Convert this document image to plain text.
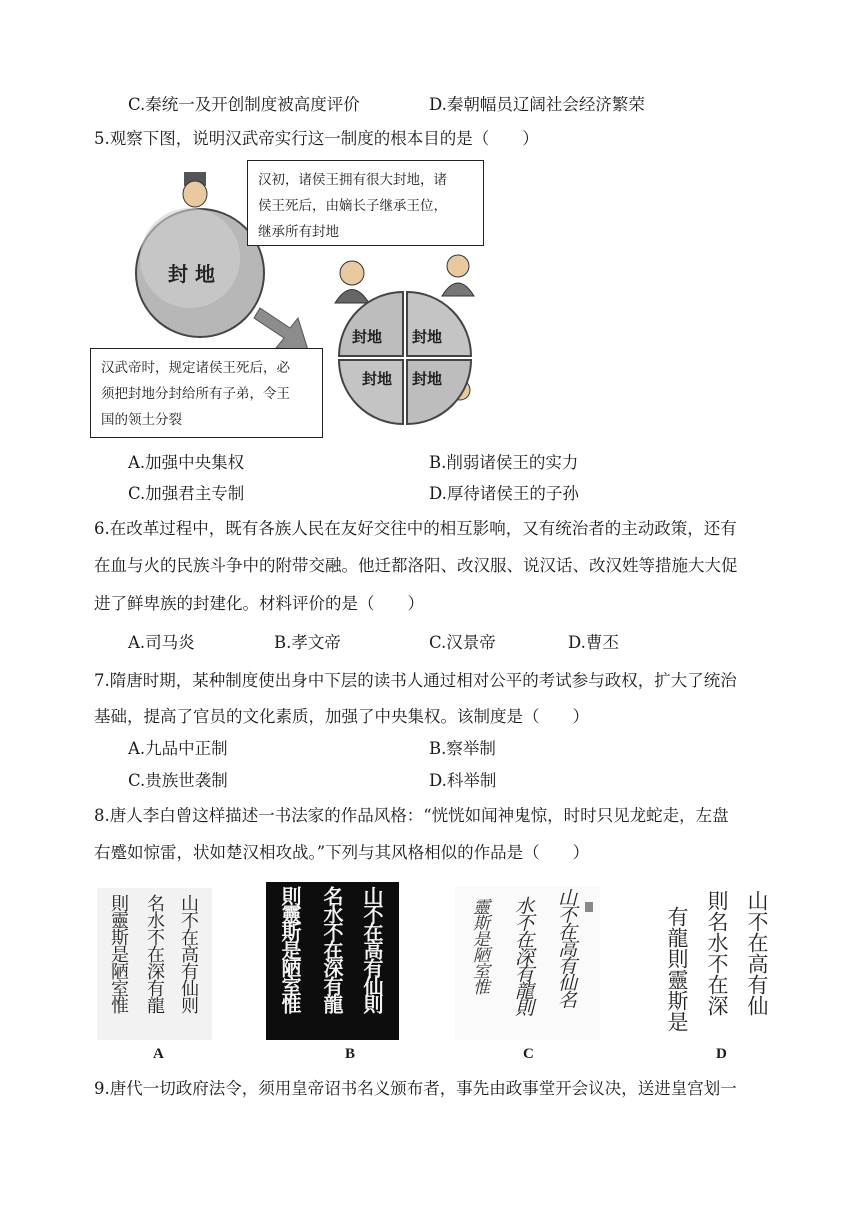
C.秦统一及开创制度被高度评价	D.秦朝幅员辽阔社会经济繁荣
5.观察下图，说明汉武帝实行这一制度的根本目的是（　　）
封 地
封地 封地
封地 封地
汉初，诸侯王拥有很大封地，诸
侯王死后，由嫡长子继承王位，
继承所有封地
汉武帝时，规定诸侯王死后，必
须把封地分封给所有子弟，令王
国的领土分裂
A.加强中央集权	B.削弱诸侯王的实力
C.加强君主专制	D.厚待诸侯王的子孙
6.在改革过程中，既有各族人民在友好交往中的相互影响，又有统治者的主动政策，还有
在血与火的民族斗争中的附带交融。他迁都洛阳、改汉服、说汉话、改汉姓等措施大大促
进了鲜卑族的封建化。材料评价的是（　　）
A.司马炎	B.孝文帝	C.汉景帝	D.曹丕
7.隋唐时期，某种制度使出身中下层的读书人通过相对公平的考试参与政权，扩大了统治
基础，提高了官员的文化素质，加强了中央集权。该制度是（　　）
A.九品中正制	B.察举制
C.贵族世袭制	D.科举制
8.唐人李白曾这样描述一书法家的作品风格：“恍恍如闻神鬼惊，时时只见龙蛇走，左盘
右蹙如惊雷，状如楚汉相攻战。”下列与其风格相似的作品是（　　）
山不在高有仙则
名水不在深有龍
則靈斯是陋室惟
A
山不在高有仙則
名水不在深有龍
則靈斯是陋室惟
B
山不在高有仙名
水不在深有龍則
靈斯是陋室惟
C
山不在高有仙
則名水不在深
有龍則靈斯是
D
9.唐代一切政府法令，须用皇帝诏书名义颁布者，事先由政事堂开会议决，送进皇宫划一
